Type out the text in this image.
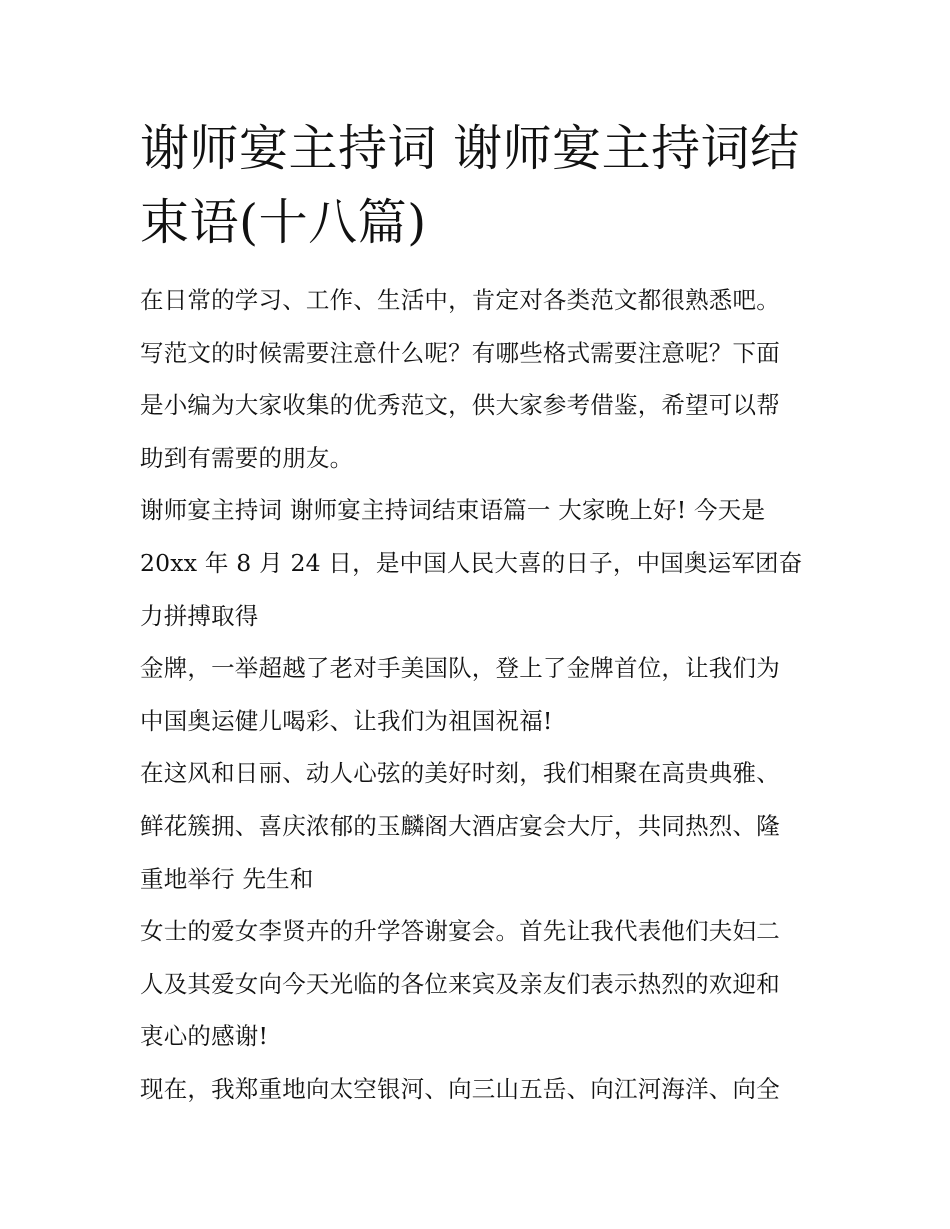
谢师宴主持词 谢师宴主持词结
束语(十八篇)
在日常的学习、工作、生活中，肯定对各类范文都很熟悉吧。
写范文的时候需要注意什么呢？有哪些格式需要注意呢？下面
是小编为大家收集的优秀范文，供大家参考借鉴，希望可以帮
助到有需要的朋友。
谢师宴主持词 谢师宴主持词结束语篇一 大家晚上好! 今天是
20xx 年 8 月 24 日，是中国人民大喜的日子，中国奥运军团奋
力拼搏取得
金牌，一举超越了老对手美国队，登上了金牌首位，让我们为
中国奥运健儿喝彩、让我们为祖国祝福!
在这风和日丽、动人心弦的美好时刻，我们相聚在高贵典雅、
鲜花簇拥、喜庆浓郁的玉麟阁大酒店宴会大厅，共同热烈、隆
重地举行 先生和
女士的爱女李贤卉的升学答谢宴会。首先让我代表他们夫妇二
人及其爱女向今天光临的各位来宾及亲友们表示热烈的欢迎和
衷心的感谢!
现在，我郑重地向太空银河、向三山五岳、向江河海洋、向全
